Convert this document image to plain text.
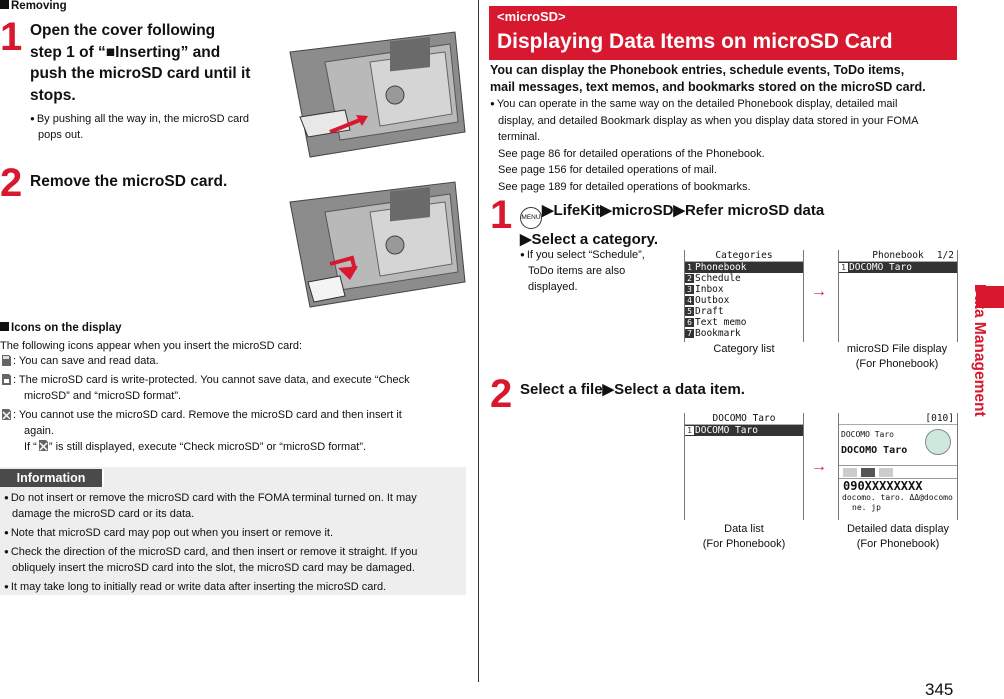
Removing
1 Open the cover following
step 1 of “■Inserting” and
push the microSD card until it
stops.
● By pushing all the way in, the microSD card
pops out.
2 Remove the microSD card.
Icons on the display
The following icons appear when you insert the microSD card:
: You can save and read data.
: The microSD card is write-protected. You cannot save data, and execute “Check
microSD” and “microSD format”.
: You cannot use the microSD card. Remove the microSD card and then insert it
again.
If “ ” is still displayed, execute “Check microSD” or “microSD format”.
Information
● Do not insert or remove the microSD card with the FOMA terminal turned on. It may
damage the microSD card or its data.
● Note that microSD card may pop out when you insert or remove it.
● Check the direction of the microSD card, and then insert or remove it straight. If you
obliquely insert the microSD card into the slot, the microSD card may be damaged.
● It may take long to initially read or write data after inserting the microSD card.
<microSD>
Displaying Data Items on microSD Card
You can display the Phonebook entries, schedule events, ToDo items,
mail messages, text memos, and bookmarks stored on the microSD card.
● You can operate in the same way on the detailed Phonebook display, detailed mail
display, and detailed Bookmark display as when you display data stored in your FOMA
terminal.
See page 86 for detailed operations of the Phonebook.
See page 156 for detailed operations of mail.
See page 189 for detailed operations of bookmarks.
1 MENU▶LifeKit▶microSD▶Refer microSD data
▶Select a category.
● If you select “Schedule”,
ToDo items are also
displayed.
Categories
1 Phonebook
2 Schedule
3 Inbox
4 Outbox
5 Draft
6 Text memo
7 Bookmark
Category list
→
Phonebook 1/2
1 DOCOMO Taro
microSD File display
(For Phonebook)
2 Select a file▶Select a data item.
DOCOMO Taro
1 DOCOMO Taro
Data list
(For Phonebook)
→
[010]
DOCOMO Taro
DOCOMO Taro
090XXXXXXXX
docomo. taro. ΔΔ@docomo
ne. jp
Detailed data display
(For Phonebook)
Data Management
345
